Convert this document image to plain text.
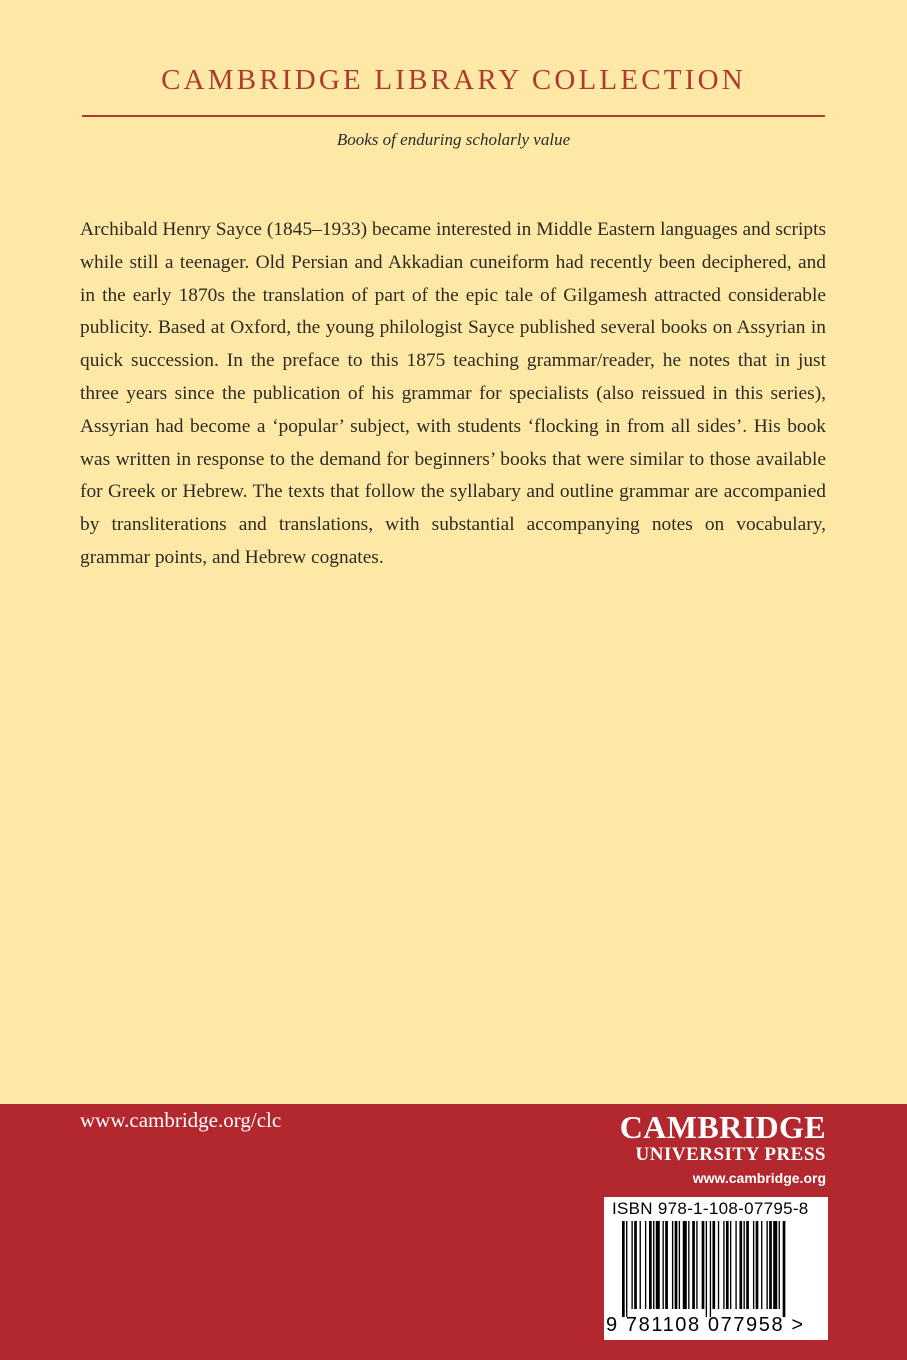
CAMBRIDGE LIBRARY COLLECTION
Books of enduring scholarly value
Archibald Henry Sayce (1845–1933) became interested in Middle Eastern languages and scripts while still a teenager. Old Persian and Akkadian cuneiform had recently been deciphered, and in the early 1870s the translation of part of the epic tale of Gilgamesh attracted considerable publicity. Based at Oxford, the young philologist Sayce published several books on Assyrian in quick succession. In the preface to this 1875 teaching grammar/reader, he notes that in just three years since the publication of his grammar for specialists (also reissued in this series), Assyrian had become a ‘popular’ subject, with students ‘flocking in from all sides’. His book was written in response to the demand for beginners’ books that were similar to those available for Greek or Hebrew. The texts that follow the syllabary and outline grammar are accompanied by transliterations and translations, with substantial accompanying notes on vocabulary, grammar points, and Hebrew cognates.
www.cambridge.org/clc	CAMBRIDGE
UNIVERSITY PRESS
www.cambridge.org
ISBN 978-1-108-07795-8
9 781108 077958 >
